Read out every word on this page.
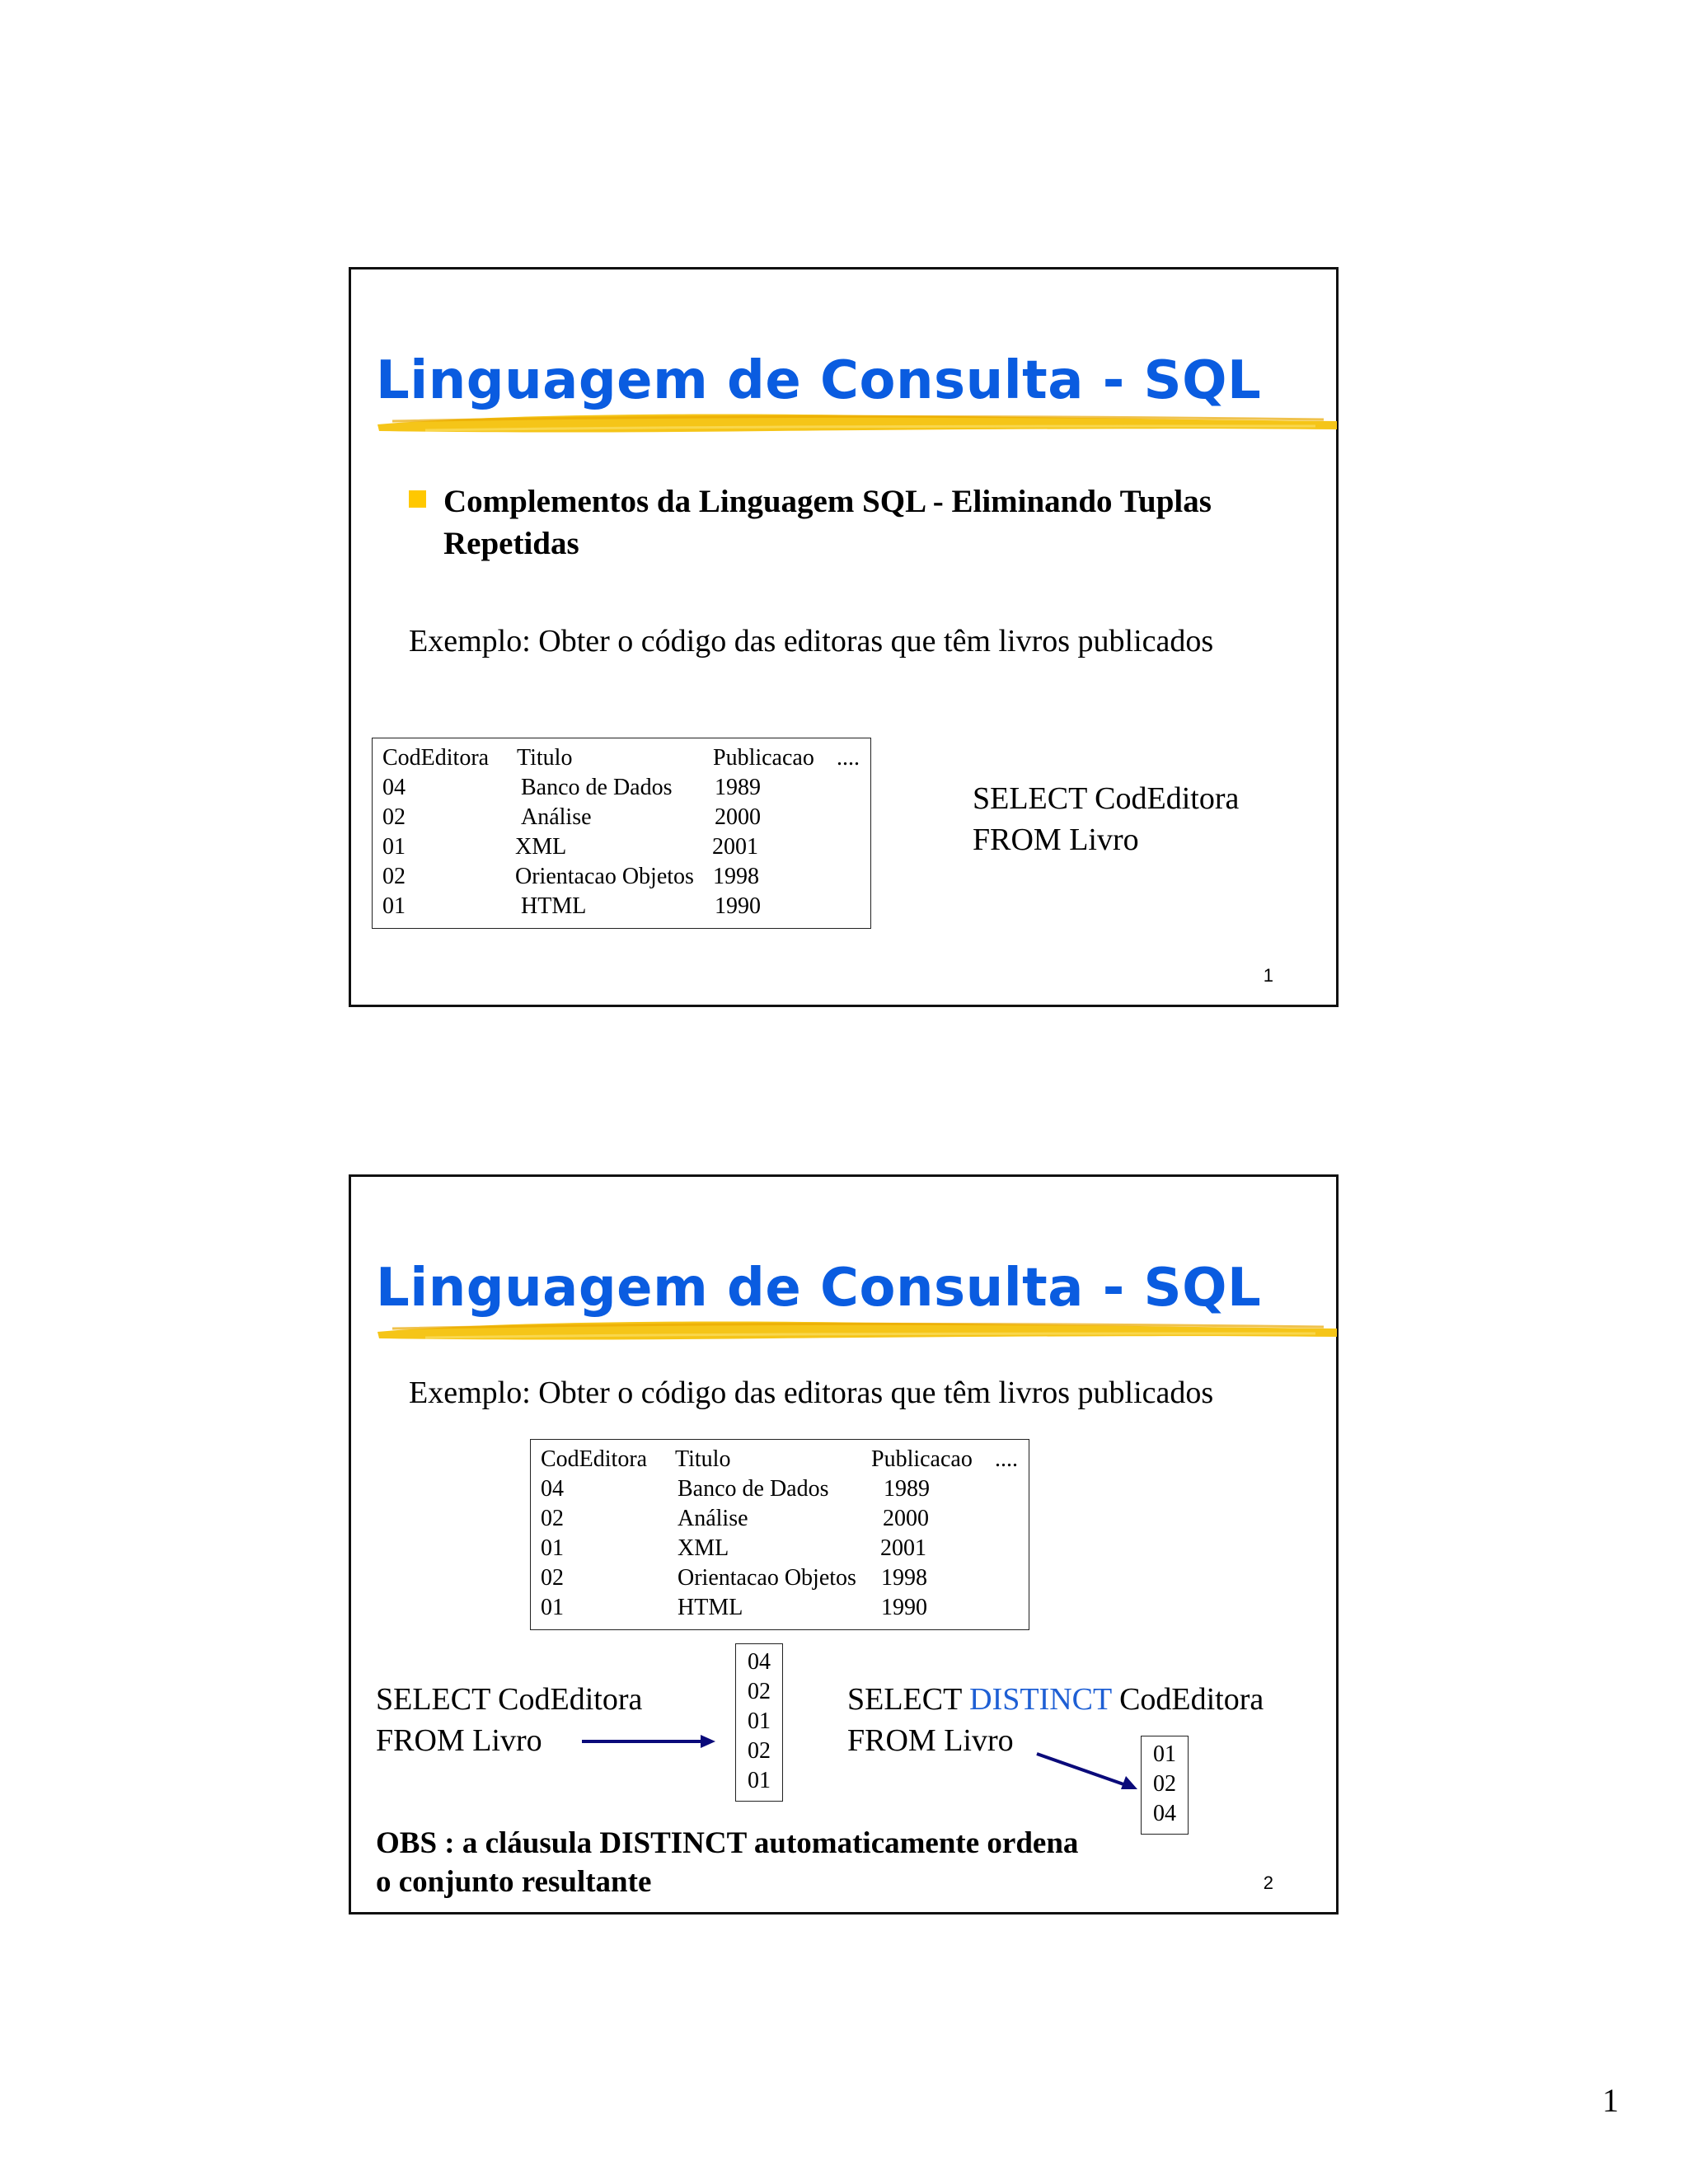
Linguagem de Consulta - SQL
Complementos da Linguagem SQL - Eliminando Tuplas Repetidas
Exemplo: Obter o código das editoras que têm livros publicados
CodEditora Titulo	Publicacao ....
04	Banco de Dados 1989
02	Análise	2000
01	XML	2001
02	Orientacao Objetos 1998
01	HTML	1990
SELECT CodEditora
FROM Livro
1
Linguagem de Consulta - SQL
Exemplo: Obter o código das editoras que têm livros publicados
CodEditora Titulo	Publicacao ....
04	Banco de Dados 1989
02	Análise	2000
01	XML	2001
02	Orientacao Objetos 1998
01	HTML	1990
SELECT CodEditora
FROM Livro
04
02
01
02
01
SELECT DISTINCT CodEditora
FROM Livro	01
02
04
OBS : a cláusula DISTINCT automaticamente ordena
o conjunto resultante	2
1
